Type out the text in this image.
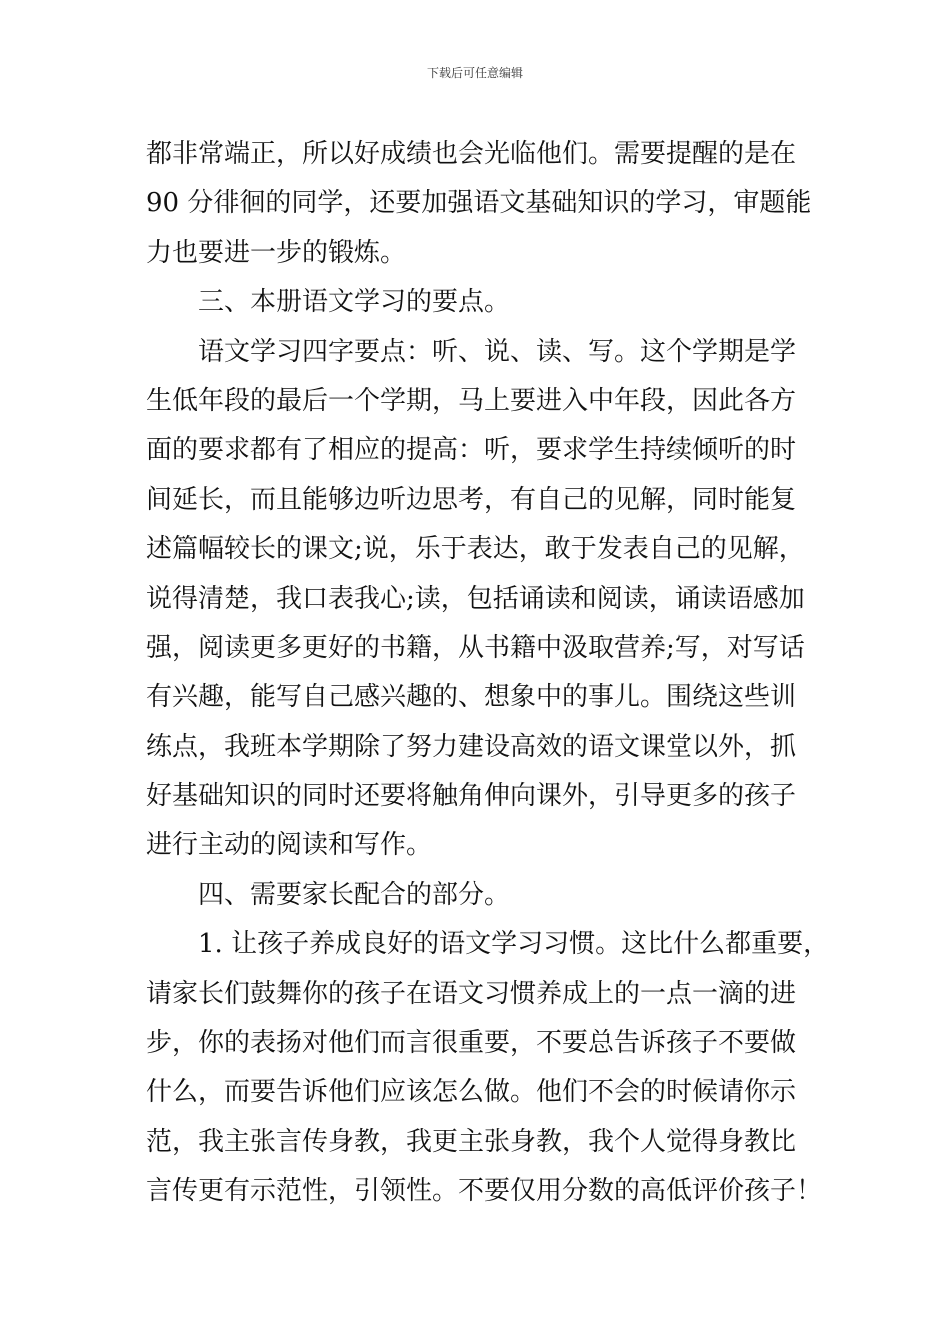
下载后可任意编辑
都非常端正，所以好成绩也会光临他们。需要提醒的是在
90 分徘徊的同学，还要加强语文基础知识的学习，审题能
力也要进一步的锻炼。
三、本册语文学习的要点。
语文学习四字要点：听、说、读、写。这个学期是学
生低年段的最后一个学期，马上要进入中年段，因此各方
面的要求都有了相应的提高：听，要求学生持续倾听的时
间延长，而且能够边听边思考，有自己的见解，同时能复
述篇幅较长的课文;说，乐于表达，敢于发表自己的见解，
说得清楚，我口表我心;读，包括诵读和阅读，诵读语感加
强，阅读更多更好的书籍，从书籍中汲取营养;写，对写话
有兴趣，能写自己感兴趣的、想象中的事儿。围绕这些训
练点，我班本学期除了努力建设高效的语文课堂以外，抓
好基础知识的同时还要将触角伸向课外，引导更多的孩子
进行主动的阅读和写作。
四、需要家长配合的部分。
1. 让孩子养成良好的语文学习习惯。这比什么都重要，
请家长们鼓舞你的孩子在语文习惯养成上的一点一滴的进
步，你的表扬对他们而言很重要，不要总告诉孩子不要做
什么，而要告诉他们应该怎么做。他们不会的时候请你示
范，我主张言传身教，我更主张身教，我个人觉得身教比
言传更有示范性，引领性。不要仅用分数的高低评价孩子！
